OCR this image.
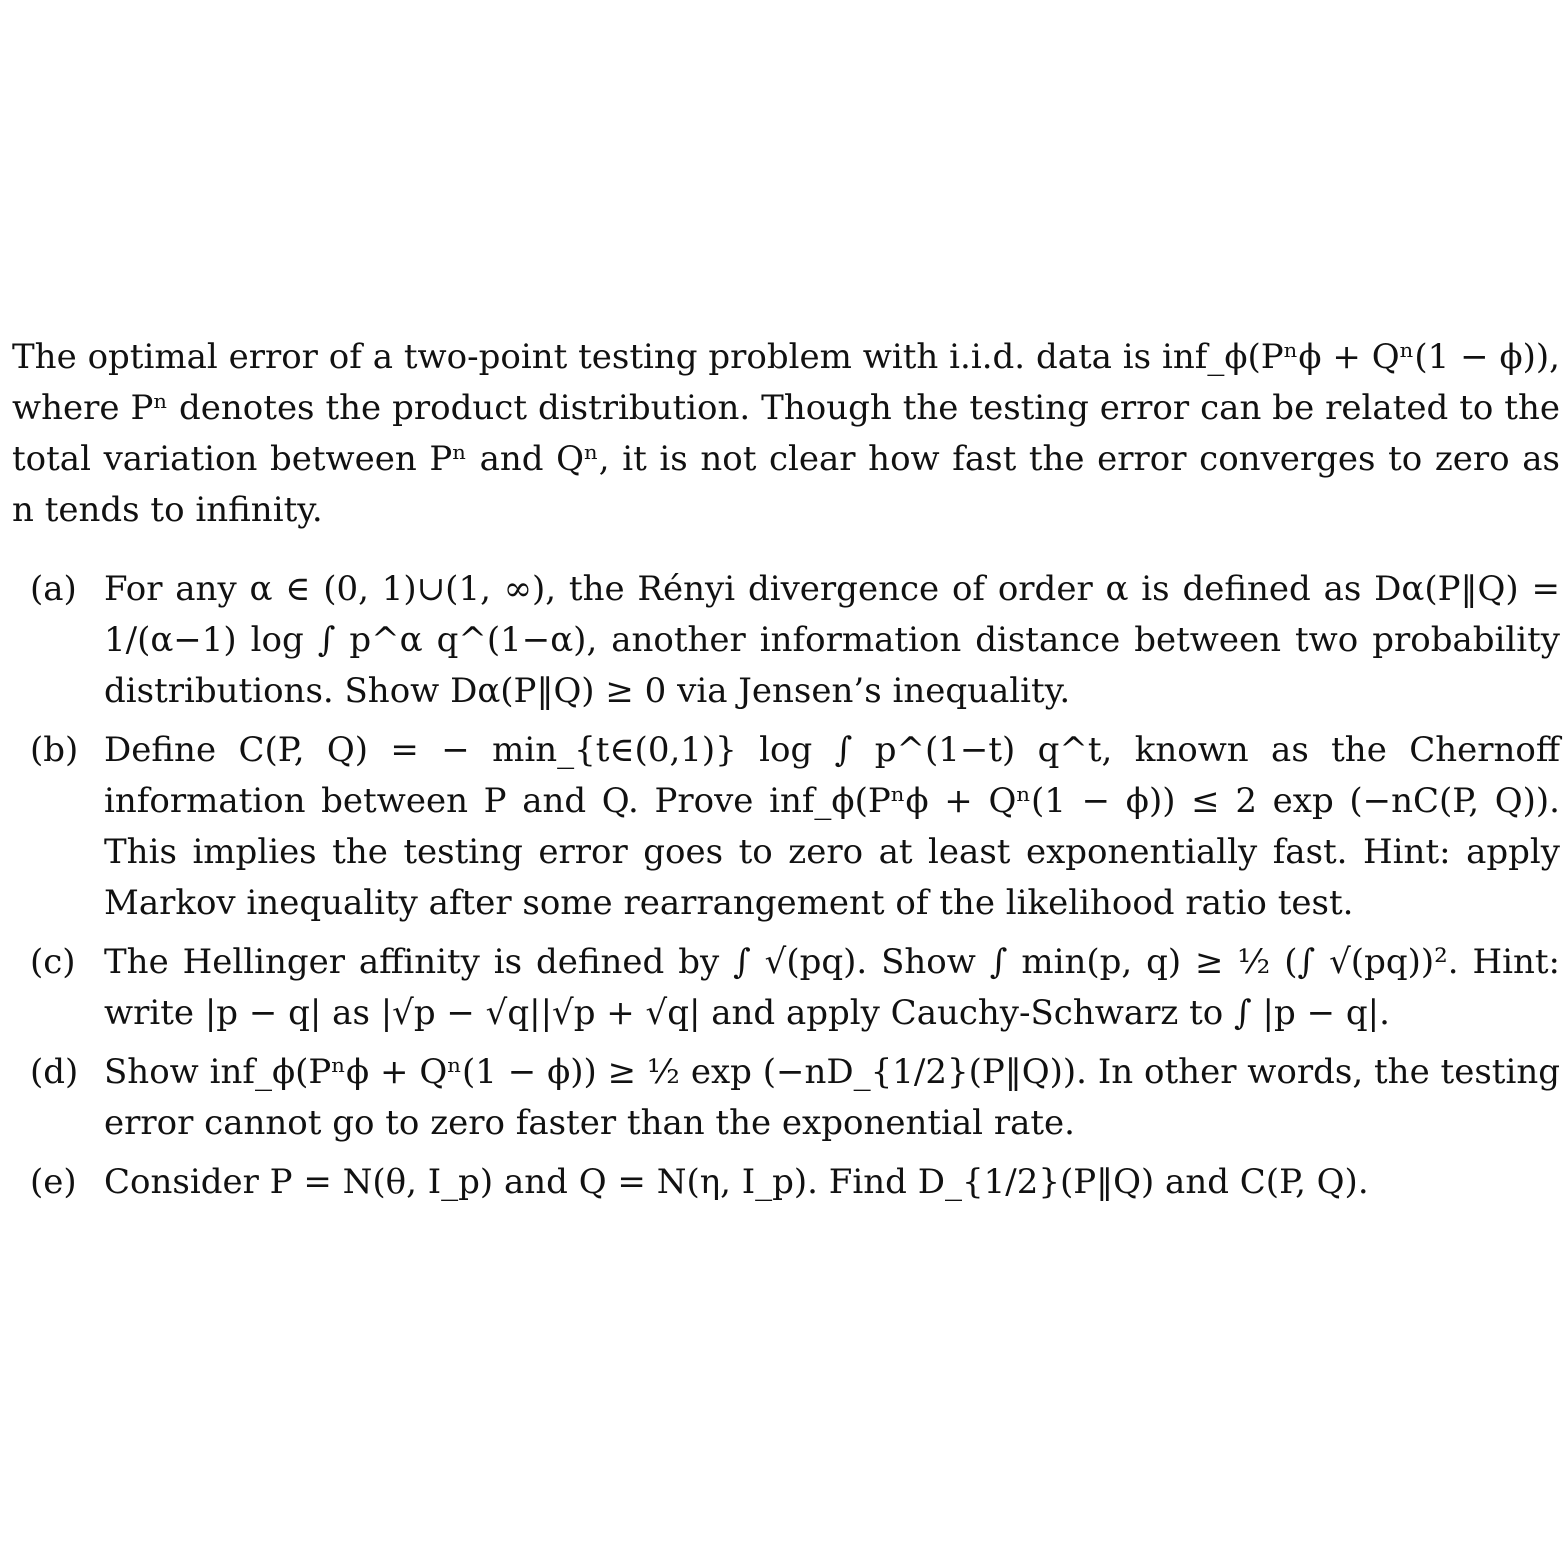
The optimal error of a two-point testing problem with i.i.d. data is inf_ϕ(Pⁿϕ + Qⁿ(1 − ϕ)), where Pⁿ denotes the product distribution. Though the testing error can be related to the total variation between Pⁿ and Qⁿ, it is not clear how fast the error converges to zero as n tends to infinity.

(a) For any α ∈ (0, 1)∪(1, ∞), the Rényi divergence of order α is defined as Dα(P‖Q) = 1/(α−1) log ∫ p^α q^(1−α), another information distance between two probability distributions. Show Dα(P‖Q) ≥ 0 via Jensen’s inequality.
(b) Define C(P, Q) = − min_{t∈(0,1)} log ∫ p^(1−t) q^t, known as the Chernoff information between P and Q. Prove inf_ϕ(Pⁿϕ + Qⁿ(1 − ϕ)) ≤ 2 exp (−nC(P, Q)). This implies the testing error goes to zero at least exponentially fast. Hint: apply Markov inequality after some rearrangement of the likelihood ratio test.
(c) The Hellinger affinity is defined by ∫ √(pq). Show ∫ min(p, q) ≥ ½ (∫ √(pq))². Hint: write |p − q| as |√p − √q||√p + √q| and apply Cauchy-Schwarz to ∫ |p − q|.
(d) Show inf_ϕ(Pⁿϕ + Qⁿ(1 − ϕ)) ≥ ½ exp (−nD_{1/2}(P‖Q)). In other words, the testing error cannot go to zero faster than the exponential rate.
(e) Consider P = N(θ, I_p) and Q = N(η, I_p). Find D_{1/2}(P‖Q) and C(P, Q).
